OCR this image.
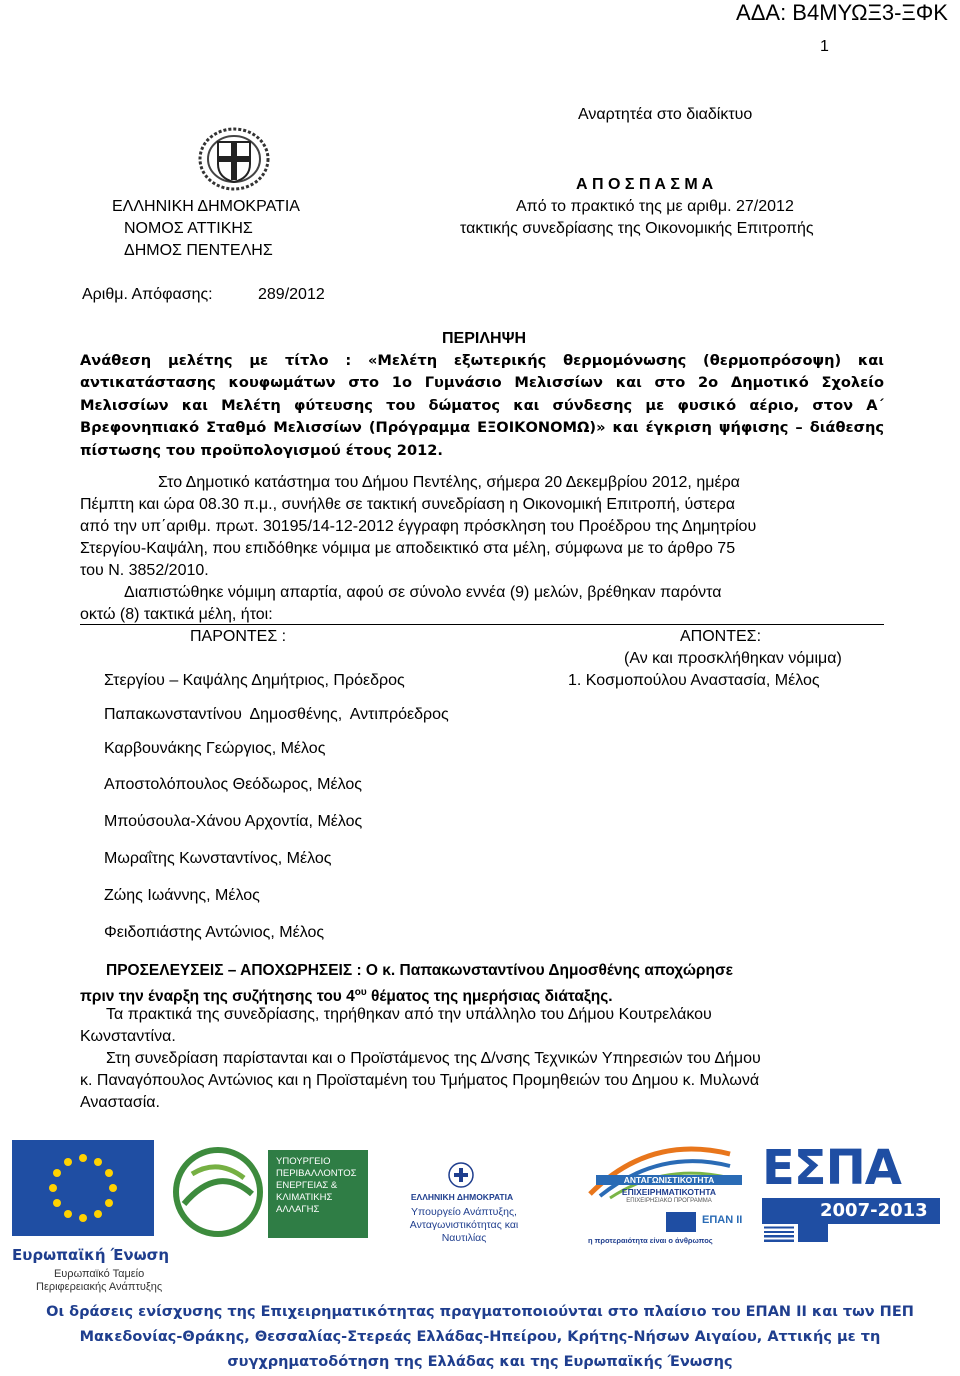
ΑΔΑ: Β4ΜΥΩΞ3-ΞΦΚ
1
Αναρτητέα στο διαδίκτυο
ΕΛΛΗΝΙΚΗ ΔΗΜΟΚΡΑΤΙΑ
ΝΟΜΟΣ ΑΤΤΙΚΗΣ
ΔΗΜΟΣ ΠΕΝΤΕΛΗΣ
Α Π Ο Σ Π Α Σ Μ Α
Από το πρακτικό της με αριθμ. 27/2012
τακτικής συνεδρίασης της Οικονομικής Επιτροπής
Αριθμ. Απόφασης:	289/2012
ΠΕΡΙΛΗΨΗ
Ανάθεση μελέτης με τίτλο : «Μελέτη εξωτερικής θερμομόνωσης (θερμοπρόσοψη) και αντικατάστασης κουφωμάτων στο 1ο Γυμνάσιο Μελισσίων και στο 2ο Δημοτικό Σχολείο Μελισσίων και Μελέτη φύτευσης του δώματος και σύνδεσης με φυσικό αέριο, στον Α΄ Βρεφονηπιακό Σταθμό Μελισσίων (Πρόγραμμα ΕΞΟΙΚΟΝΟΜΩ)» και έγκριση ψήφισης – διάθεσης πίστωσης του προϋπολογισμού έτους 2012.
Στο Δημοτικό κατάστημα του Δήμου Πεντέλης, σήμερα 20 Δεκεμβρίου 2012, ημέρα
Πέμπτη και ώρα 08.30 π.μ., συνήλθε σε τακτική συνεδρίαση η Οικονομική Επιτροπή, ύστερα
από την υπ΄αριθμ. πρωτ. 30195/14-12-2012 έγγραφη πρόσκληση του Προέδρου της Δημητρίου
Στεργίου-Καψάλη, που επιδόθηκε νόμιμα με αποδεικτικό στα μέλη, σύμφωνα με το άρθρο 75
του Ν. 3852/2010.
Διαπιστώθηκε νόμιμη απαρτία, αφού σε σύνολο εννέα (9) μελών, βρέθηκαν παρόντα
οκτώ (8) τακτικά μέλη, ήτοι:
ΠΑΡΟΝΤΕΣ :	ΑΠΟΝΤΕΣ:
(Αν και προσκλήθηκαν νόμιμα)
Στεργίου – Καψάλης Δημήτριος, Πρόεδρος	1. Κοσμοπούλου Αναστασία, Μέλος
Παπακωνσταντίνου Δημοσθένης, Αντιπρόεδρος
Καρβουνάκης Γεώργιος, Μέλος
Αποστολόπουλος Θεόδωρος, Μέλος
Μπούσουλα-Χάνου Αρχοντία, Μέλος
Μωραΐτης Κωνσταντίνος, Μέλος
Ζώης Ιωάννης, Μέλος
Φειδοπιάστης Αντώνιος, Μέλος
ΠΡΟΣΕΛΕΥΣΕΙΣ – ΑΠΟΧΩΡΗΣΕΙΣ : Ο κ. Παπακωνσταντίνου Δημοσθένης αποχώρησε
πριν την έναρξη της συζήτησης του $4^{o\upsilon}$ θέματος της ημερήσιας διάταξης.
Τα πρακτικά της συνεδρίασης, τηρήθηκαν από την υπάλληλο του Δήμου Κουτρελάκου
Κωνσταντίνα.
Στη συνεδρίαση παρίστανται και ο Προϊστάμενος της Δ/νσης Τεχνικών Υπηρεσιών του Δήμου
κ. Παναγόπουλος Αντώνιος και η Προϊσταμένη του Τμήματος Προμηθειών του Δημου κ. Μυλωνά
Αναστασία.
Ευρωπαϊκή Ένωση
Ευρωπαϊκό Ταμείο
Περιφερειακής Ανάπτυξης
ΥΠΟΥΡΓΕΙΟ
ΠΕΡΙΒΑΛΛΟΝΤΟΣ
ΕΝΕΡΓΕΙΑΣ &
ΚΛΙΜΑΤΙΚΗΣ
ΑΛΛΑΓΗΣ
ΕΛΛΗΝΙΚΗ ΔΗΜΟΚΡΑΤΙΑ
Υπουργείο Ανάπτυξης,
Ανταγωνιστικότητας και Ναυτιλίας
ΑΝΤΑΓΩΝΙΣΤΙΚΟΤΗΤΑ
ΕΠΙΧΕΙΡΗΜΑΤΙΚΟΤΗΤΑ
ΕΠΙΧΕΙΡΗΣΙΑΚΟ ΠΡΟΓΡΑΜΜΑ
ΕΠΑΝ ΙΙ
η προτεραιότητα είναι ο άνθρωπος
ΕΣΠΑ
2007-2013
Οι δράσεις ενίσχυσης της Επιχειρηματικότητας πραγματοποιούνται στο πλαίσιο του ΕΠΑΝ ΙΙ και των ΠΕΠ
Μακεδονίας-Θράκης, Θεσσαλίας-Στερεάς Ελλάδας-Ηπείρου, Κρήτης-Νήσων Αιγαίου, Αττικής με τη
συγχρηματοδότηση της Ελλάδας και της Ευρωπαϊκής Ένωσης
